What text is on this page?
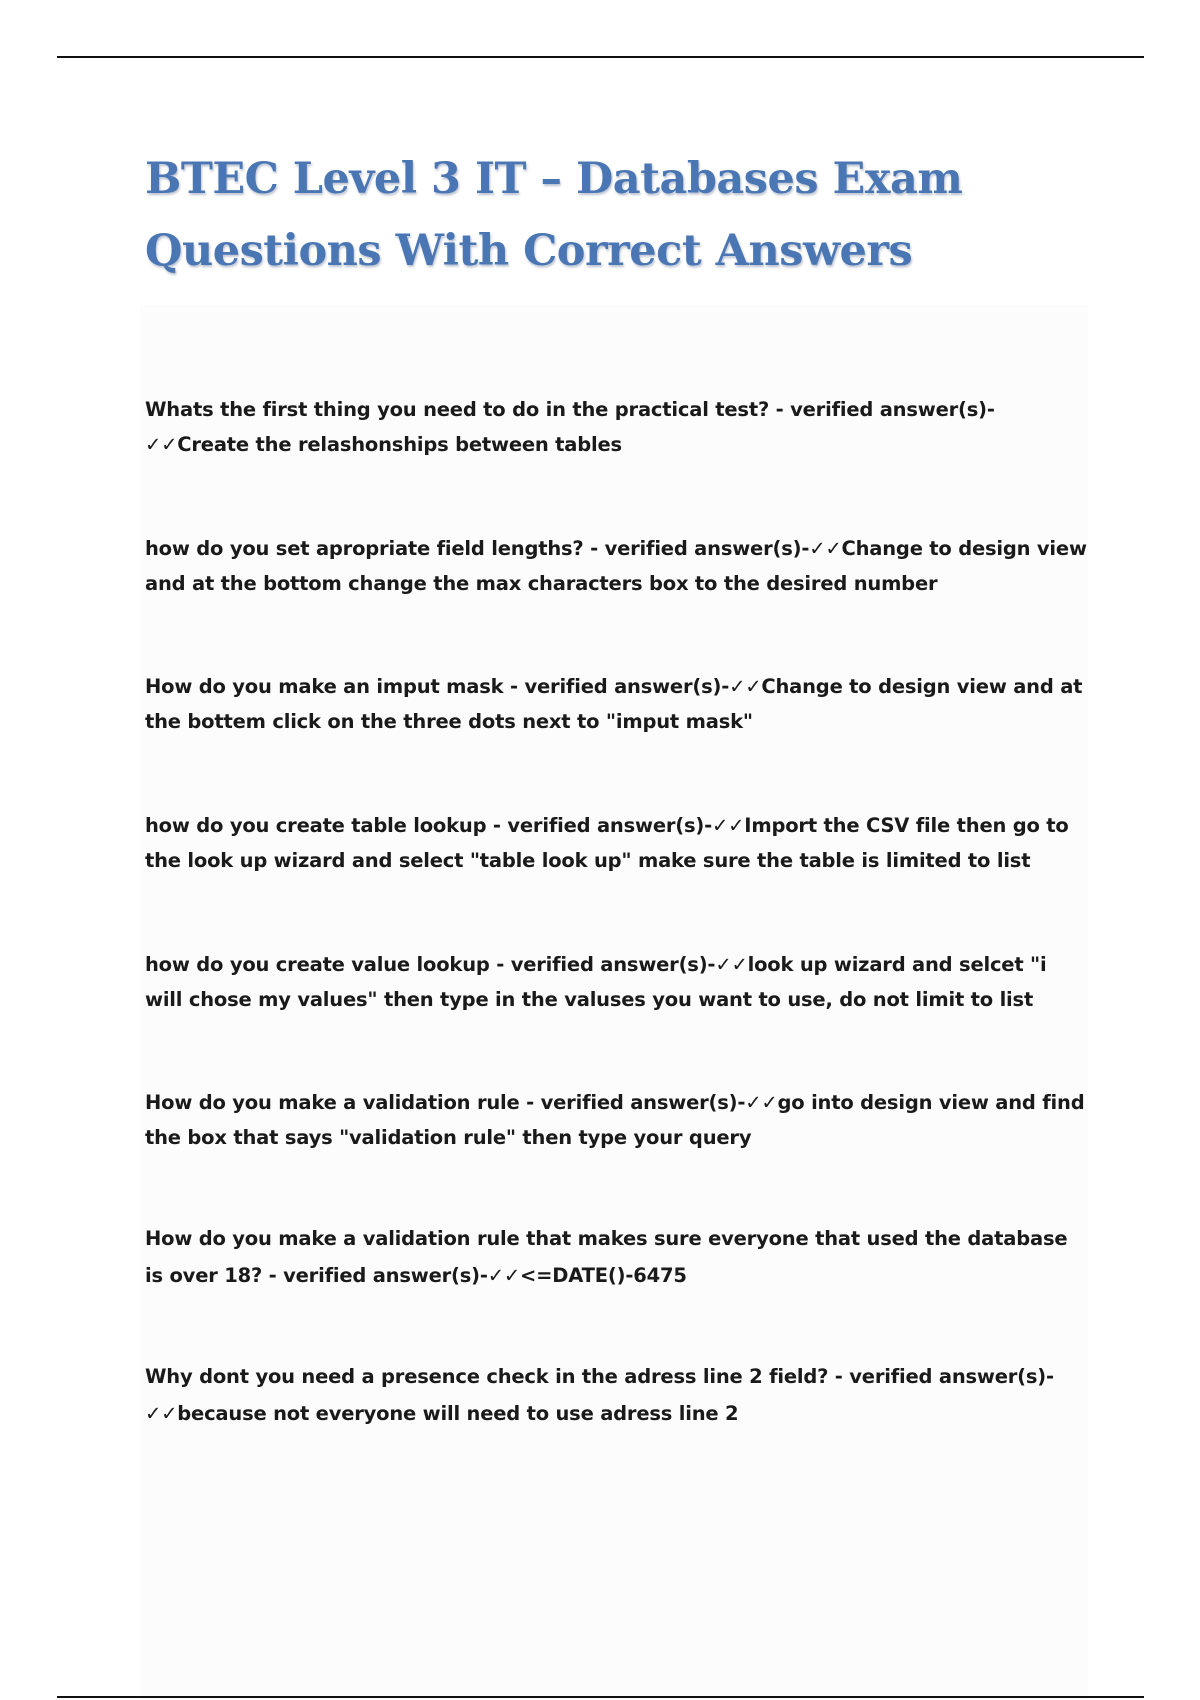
BTEC Level 3 IT – Databases Exam Questions With Correct Answers

Whats the first thing you need to do in the practical test? - verified answer(s)-✓✓Create the relashonships between tables

how do you set apropriate field lengths? - verified answer(s)-✓✓Change to design view and at the bottom change the max characters box to the desired number

How do you make an imput mask - verified answer(s)-✓✓Change to design view and at the bottem click on the three dots next to "imput mask"

how do you create table lookup - verified answer(s)-✓✓Import the CSV file then go to the look up wizard and select "table look up" make sure the table is limited to list

how do you create value lookup - verified answer(s)-✓✓look up wizard and selcet "i will chose my values" then type in the valuses you want to use, do not limit to list

How do you make a validation rule - verified answer(s)-✓✓go into design view and find the box that says "validation rule" then type your query

How do you make a validation rule that makes sure everyone that used the database is over 18? - verified answer(s)-✓✓<=DATE()-6475

Why dont you need a presence check in the adress line 2 field? - verified answer(s)-✓✓because not everyone will need to use adress line 2
